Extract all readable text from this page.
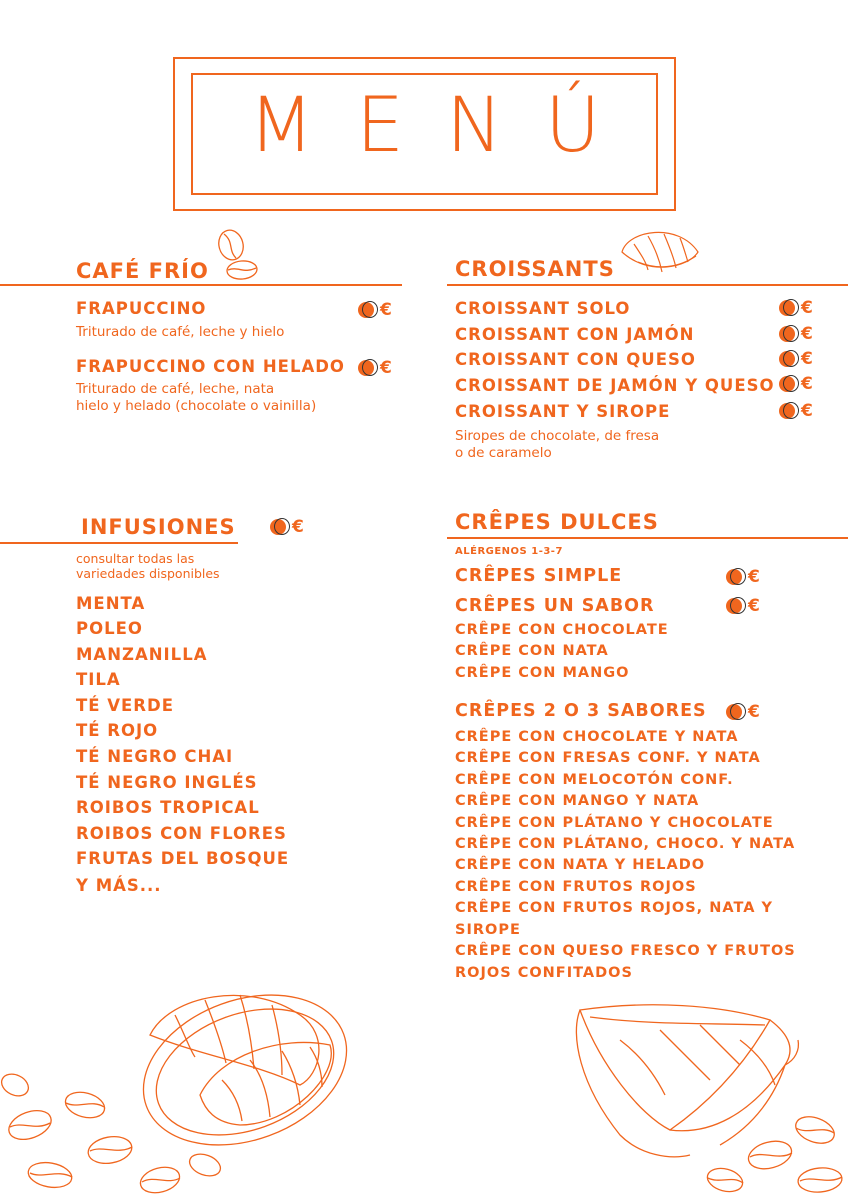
MENÚ
CAFÉ FRÍO
FRAPUCCINO	€
Triturado de café, leche y hielo
FRAPUCCINO CON HELADO €
Triturado de café, leche, nata
hielo y helado (chocolate o vainilla)
CROISSANTS
CROISSANT SOLO	€
CROISSANT CON JAMÓN	€
CROISSANT CON QUESO	€
CROISSANT DE JAMÓN Y QUESO €
CROISSANT Y SIROPE	€
Siropes de chocolate, de fresa
o de caramelo
INFUSIONES	€
consultar todas las
variedades disponibles
MENTA
POLEO
MANZANILLA
TILA
TÉ VERDE
TÉ ROJO
TÉ NEGRO CHAI
TÉ NEGRO INGLÉS
ROIBOS TROPICAL
ROIBOS CON FLORES
FRUTAS DEL BOSQUE
Y MÁS...
CRÊPES DULCES
ALÉRGENOS 1-3-7
CRÊPES SIMPLE	€
CRÊPES UN SABOR	€
CRÊPE CON CHOCOLATE
CRÊPE CON NATA
CRÊPE CON MANGO
CRÊPES 2 O 3 SABORES €
CRÊPE CON CHOCOLATE Y NATA
CRÊPE CON FRESAS CONF. Y NATA
CRÊPE CON MELOCOTÓN CONF.
CRÊPE CON MANGO Y NATA
CRÊPE CON PLÁTANO Y CHOCOLATE
CRÊPE CON PLÁTANO, CHOCO. Y NATA
CRÊPE CON NATA Y HELADO
CRÊPE CON FRUTOS ROJOS
CRÊPE CON FRUTOS ROJOS, NATA Y
SIROPE
CRÊPE CON QUESO FRESCO Y FRUTOS
ROJOS CONFITADOS
